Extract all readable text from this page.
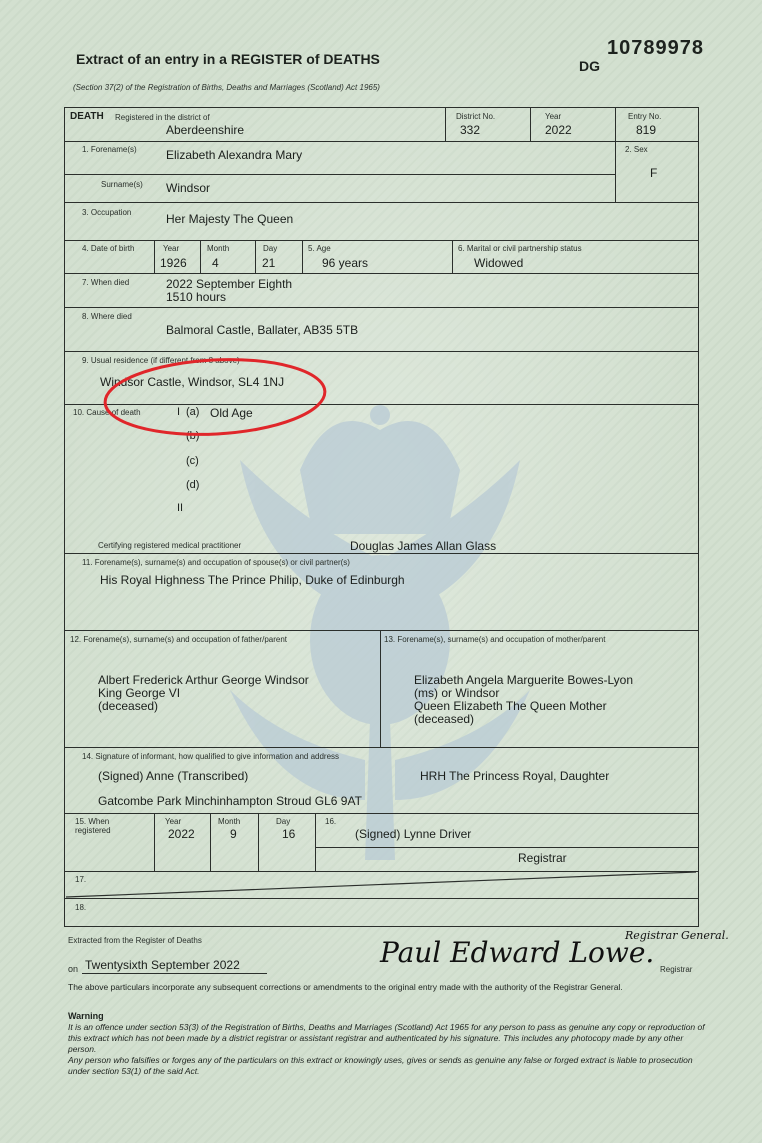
10789978
DG
Extract of an entry in a REGISTER of DEATHS
(Section 37(2) of the Registration of Births, Deaths and Marriages (Scotland) Act 1965)
DEATH Registered in the district of
Aberdeenshire
District No.
332
Year
2022
Entry No.
819
1. Forename(s) Elizabeth Alexandra Mary
Surname(s) Windsor
2. Sex
F
3. Occupation	Her Majesty The Queen
4. Date of birth	Year
1926
Month
4
Day
21
5. Age
96 years
6. Marital or civil partnership status
Widowed
7. When died	2022 September Eighth
1510 hours
8. Where died
Balmoral Castle, Ballater, AB35 5TB
9. Usual residence (if different from 8 above)
Windsor Castle, Windsor, SL4 1NJ
10. Cause of death	I (a) Old Age
(b)
(c)
(d)
II
Certifying registered medical practitioner	Douglas James Allan Glass
11. Forename(s), surname(s) and occupation of spouse(s) or civil partner(s)
His Royal Highness The Prince Philip, Duke of Edinburgh
12. Forename(s), surname(s) and occupation of father/parent
Albert Frederick Arthur George Windsor
King George VI
(deceased)
13. Forename(s), surname(s) and occupation of mother/parent
Elizabeth Angela Marguerite Bowes-Lyon
(ms) or Windsor
Queen Elizabeth The Queen Mother
(deceased)
14. Signature of informant, how qualified to give information and address
(Signed) Anne (Transcribed)	HRH The Princess Royal, Daughter
Gatcombe Park Minchinhampton Stroud GL6 9AT
15. When registered
Year
2022
Month
9
Day
16
16.
(Signed) Lynne Driver
Registrar
17.
18.
Extracted from the Register of Deaths
on Twentysixth September 2022	Paul Edward Lowe.
Registrar General.
Registrar
The above particulars incorporate any subsequent corrections or amendments to the original entry made with the authority of the Registrar General.
Warning
It is an offence under section 53(3) of the Registration of Births, Deaths and Marriages (Scotland) Act 1965 for any person to pass as genuine any copy or reproduction of this extract which has not been made by a district registrar or assistant registrar and authenticated by his signature. This includes any photocopy made by any other person.
Any person who falsifies or forges any of the particulars on this extract or knowingly uses, gives or sends as genuine any false or forged extract is liable to prosecution under section 53(1) of the said Act.
